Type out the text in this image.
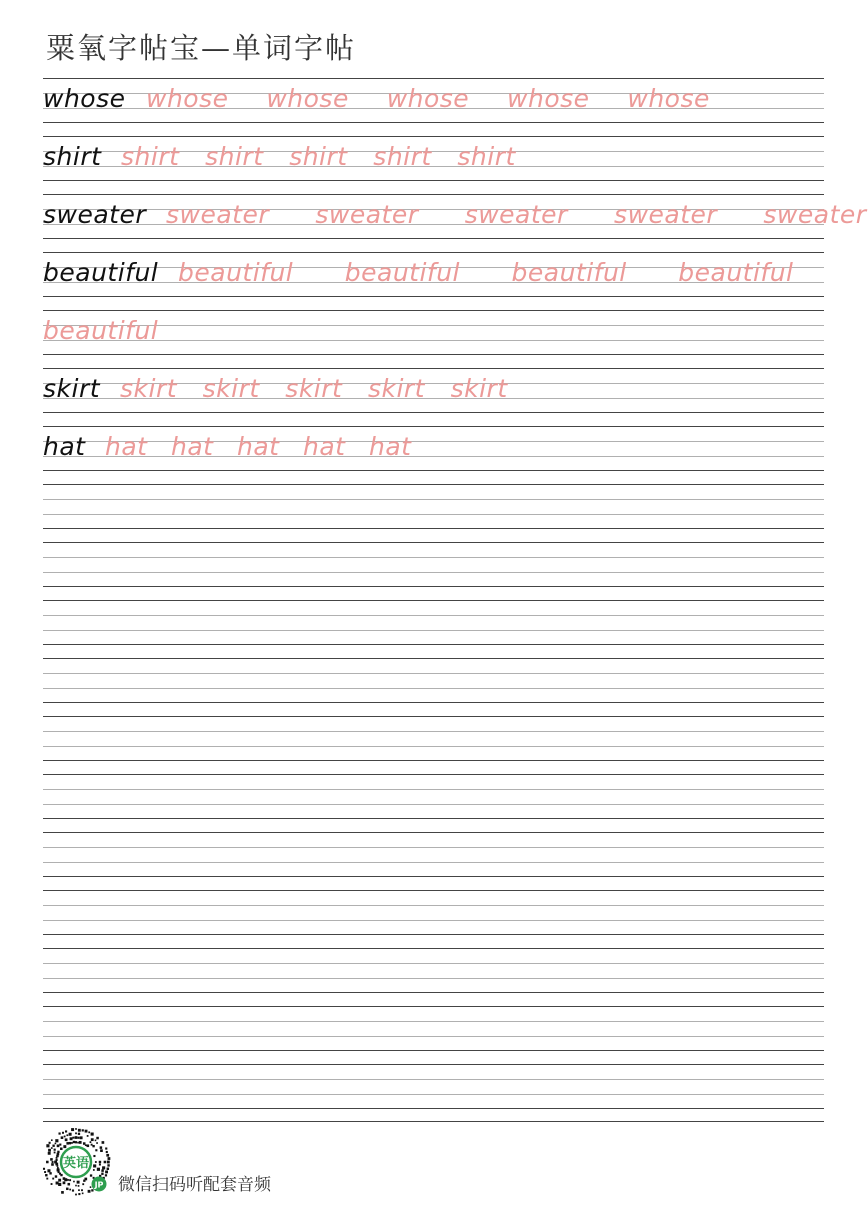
粟氧字帖宝—单词字帖
whose whose whose whose whose whose
shirt shirt shirt shirt shirt shirt
sweater sweater sweater sweater sweater sweater
beautiful beautiful beautiful beautiful beautiful
beautiful
skirt skirt skirt skirt skirt skirt
hat hat hat hat hat hat
英语
JP 微信扫码听配套音频
